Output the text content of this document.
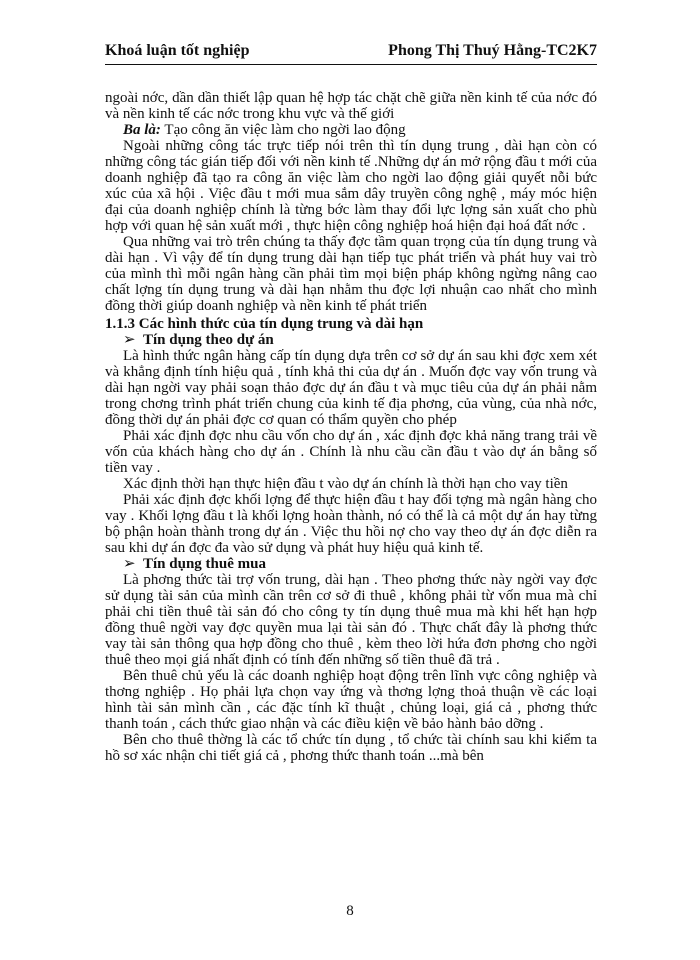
Khoá luận tốt nghiệp	Phong Thị Thuý Hằng-TC2K7

ngoài nớc, dần dần thiết lập quan hệ hợp tác chặt chẽ giữa nền kinh tế của nớc đó và nền kinh tế các nớc trong khu vực và thế giới

Ba là: Tạo công ăn việc làm cho ngời lao động

Ngoài những công tác trực tiếp nói trên thì tín dụng trung , dài hạn còn có những công tác gián tiếp đối với nền kinh tế .Những dự án mở rộng đầu t mới của doanh nghiệp đã tạo ra công ăn việc làm cho ngời lao động giải quyết nỗi bức xúc của xã hội . Việc đầu t mới mua sắm dây truyền công nghệ , máy móc hiện đại của doanh nghiệp chính là từng bớc làm thay đổi lực lợng sản xuất cho phù hợp với quan hệ sản xuất mới , thực hiện công nghiệp hoá hiện đại hoá đất nớc .

Qua những vai trò trên chúng ta thấy đợc tầm quan trọng của tín dụng trung và dài hạn . Vì vậy để tín dụng trung dài hạn tiếp tục phát triển và phát huy vai trò của mình thì mỗi ngân hàng cần phải tìm mọi biện pháp không ngừng nâng cao chất lợng tín dụng trung và dài hạn nhằm thu đợc lợi nhuận cao nhất cho mình đồng thời giúp doanh nghiệp và nền kinh tế phát triển

1.1.3 Các hình thức của tín dụng trung và dài hạn

➢ Tín dụng theo dự án

Là hình thức ngân hàng cấp tín dụng dựa trên cơ sở dự án sau khi đợc xem xét và khẳng định tính hiệu quả , tính khả thi của dự án . Muốn đợc vay vốn trung và dài hạn ngời vay phải soạn thảo đợc dự án đầu t và mục tiêu của dự án phải nằm trong chơng trình phát triển chung của kinh tế địa phơng, của vùng, của nhà nớc, đồng thời dự án phải đợc cơ quan có thẩm quyền cho phép

Phải xác định đợc nhu cầu vốn cho dự án , xác định đợc khả năng trang trải về vốn của khách hàng cho dự án . Chính là nhu cầu cần đầu t vào dự án bằng số tiền vay .

Xác định thời hạn thực hiện đầu t vào dự án chính là thời hạn cho vay tiền

Phải xác định đợc khối lợng để thực hiện đầu t hay đối tợng mà ngân hàng cho vay . Khối lợng đầu t là khối lợng hoàn thành, nó có thể là cả một dự án hay từng bộ phận hoàn thành trong dự án . Việc thu hồi nợ cho vay theo dự án đợc diễn ra sau khi dự án đợc đa vào sử dụng và phát huy hiệu quả kinh tế.

➢ Tín dụng thuê mua

Là phơng thức tài trợ vốn trung, dài hạn . Theo phơng thức này ngời vay đợc sử dụng tài sản của mình cần trên cơ sở đi thuê , không phải từ vốn mua mà chỉ phải chi tiền thuê tài sản đó cho công ty tín dụng thuê mua mà khi hết hạn hợp đồng thuê ngời vay đợc quyền mua lại tài sản đó . Thực chất đây là phơng thức vay tài sản thông qua hợp đồng cho thuê , kèm theo lời hứa đơn phơng cho ngời thuê theo mọi giá nhất định có tính đến những số tiền thuê đã trả .

Bên thuê chủ yếu là các doanh nghiệp hoạt động trên lĩnh vực công nghiệp và thơng nghiệp . Họ phải lựa chọn vay ứng và thơng lợng thoả thuận về các loại hình tài sản mình cần , các đặc tính kĩ thuật , chủng loại, giá cả , phơng thức thanh toán , cách thức giao nhận và các điều kiện về bảo hành bảo dỡng .

Bên cho thuê thờng là các tổ chức tín dụng , tổ chức tài chính sau khi kiểm ta hồ sơ xác nhận chi tiết giá cả , phơng thức thanh toán ...mà bên

8
